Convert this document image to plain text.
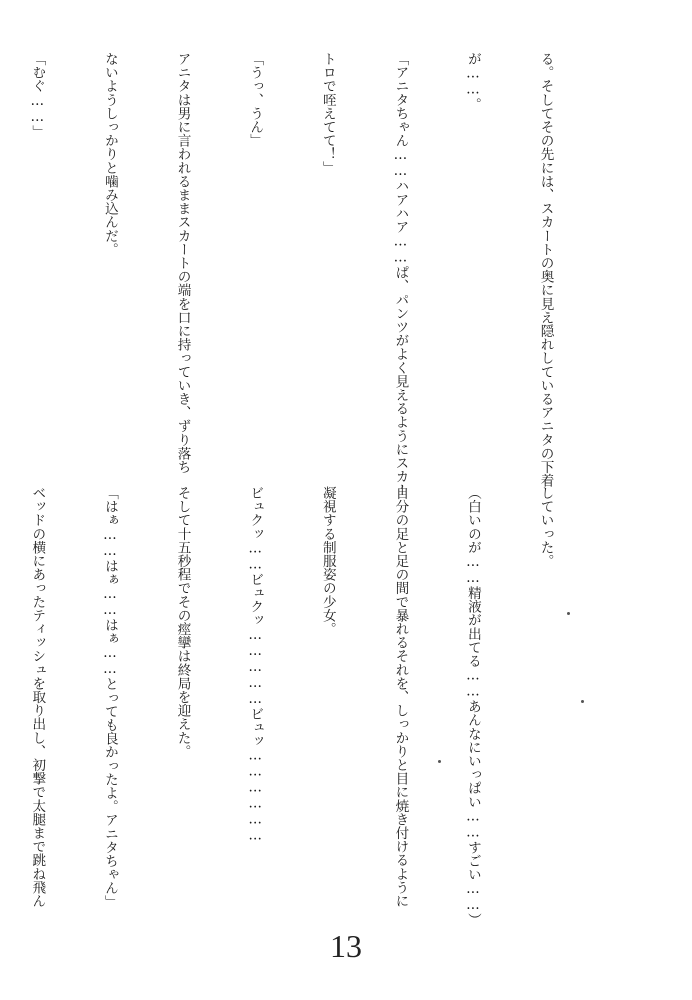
る。そしてその先には、スカートの奥に見え隠れしているアニタの下着

が……。

「アニタちゃん……ハアハア……ぱ、パンツがよく見えるようにスカー

トロで咥えてて！」

「うっ、うん」

アニタは男に言われるままスカートの端を口に持っていき、ずり落ち

ないようしっかりと噛み込んだ。

「むぐ……」

していった。

（白いのが……精液が出てる……あんなにいっぱい……すごい……）

自分の足と足の間で暴れるそれを、しっかりと目に焼き付けるように

凝視する制服姿の少女。

ビュクッ……ビュクッ……………ビュッ………………

そして十五秒程でその痙攣は終局を迎えた。

「はぁ……はぁ……はぁ……とっても良かったよ。アニタちゃん」

ベッドの横にあったティッシュを取り出し、初撃で太腿まで跳ね飛ん

13
